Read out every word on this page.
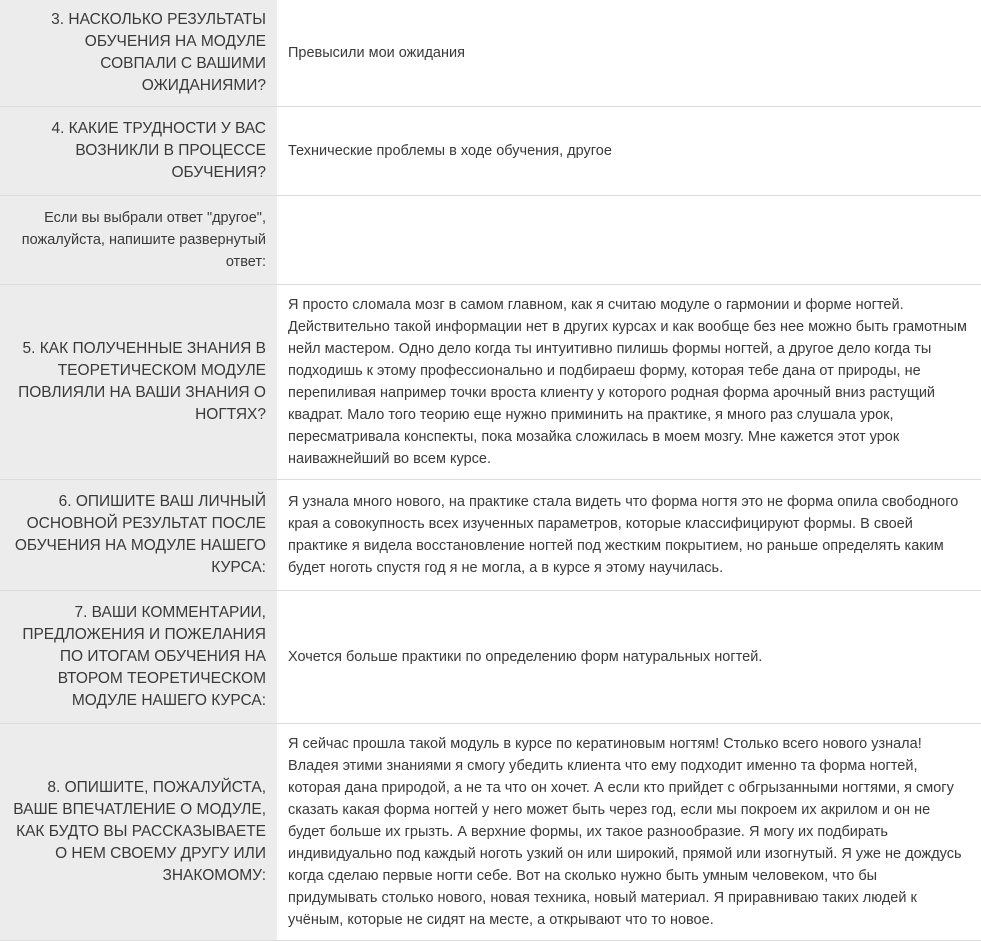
3. НАСКОЛЬКО РЕЗУЛЬТАТЫ ОБУЧЕНИЯ НА МОДУЛЕ СОВПАЛИ С ВАШИМИ ОЖИДАНИЯМИ?	Превысили мои ожидания
4. КАКИЕ ТРУДНОСТИ У ВАС ВОЗНИКЛИ В ПРОЦЕССЕ ОБУЧЕНИЯ?	Технические проблемы в ходе обучения, другое
Если вы выбрали ответ "другое", пожалуйста, напишите развернутый ответ:	
5. КАК ПОЛУЧЕННЫЕ ЗНАНИЯ В ТЕОРЕТИЧЕСКОМ МОДУЛЕ ПОВЛИЯЛИ НА ВАШИ ЗНАНИЯ О НОГТЯХ?	Я просто сломала мозг в самом главном, как я считаю модуле о гармонии и форме ногтей. Действительно такой информации нет в других курсах и как вообще без нее можно быть грамотным нейл мастером. Одно дело когда ты интуитивно пилишь формы ногтей, а другое дело когда ты подходишь к этому профессионально и подбираеш форму, которая тебе дана от природы, не перепиливая например точки вроста клиенту у которого родная форма арочный вниз растущий квадрат. Мало того теорию еще нужно приминить на практике, я много раз слушала урок, пересматривала конспекты, пока мозайка сложилась в моем мозгу. Мне кажется этот урок наиважнейший во всем курсе.
6. ОПИШИТЕ ВАШ ЛИЧНЫЙ ОСНОВНОЙ РЕЗУЛЬТАТ ПОСЛЕ ОБУЧЕНИЯ НА МОДУЛЕ НАШЕГО КУРСА:	Я узнала много нового, на практике стала видеть что форма ногтя это не форма опила свободного края а совокупность всех изученных параметров, которые классифицируют формы. В своей практике я видела восстановление ногтей под жестким покрытием, но раньше определять каким будет ноготь спустя год я не могла, а в курсе я этому научилась.
7. ВАШИ КОММЕНТАРИИ, ПРЕДЛОЖЕНИЯ И ПОЖЕЛАНИЯ ПО ИТОГАМ ОБУЧЕНИЯ НА ВТОРОМ ТЕОРЕТИЧЕСКОМ МОДУЛЕ НАШЕГО КУРСА:	Хочется больше практики по определению форм натуральных ногтей.
8. ОПИШИТЕ, ПОЖАЛУЙСТА, ВАШЕ ВПЕЧАТЛЕНИЕ О МОДУЛЕ, КАК БУДТО ВЫ РАССКАЗЫВАЕТЕ О НЕМ СВОЕМУ ДРУГУ ИЛИ ЗНАКОМОМУ:	Я сейчас прошла такой модуль в курсе по кератиновым ногтям! Столько всего нового узнала! Владея этими знаниями я смогу убедить клиента что ему подходит именно та форма ногтей, которая дана природой, а не та что он хочет. А если кто прийдет с обгрызанными ногтями, я смогу сказать какая форма ногтей у него может быть через год, если мы покроем их акрилом и он не будет больше их грызть. А верхние формы, их такое разнообразие. Я могу их подбирать индивидуально под каждый ноготь узкий он или широкий, прямой или изогнутый. Я уже не дождусь когда сделаю первые ногти себе. Вот на сколько нужно быть умным человеком, что бы придумывать столько нового, новая техника, новый материал. Я приравниваю таких людей к учёным, которые не сидят на месте, а открывают что то новое.
